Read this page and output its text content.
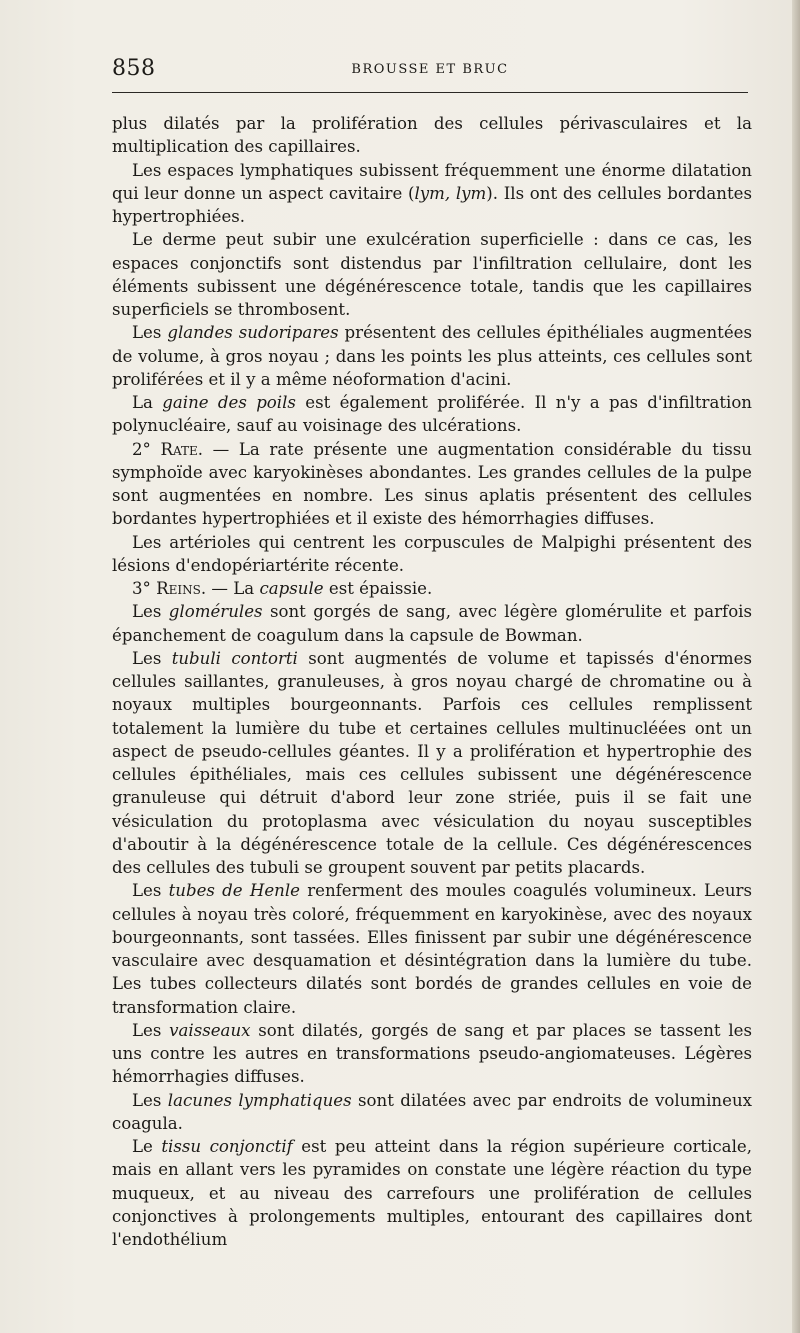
858	BROUSSE ET BRUC

plus dilatés par la prolifération des cellules périvasculaires et la multiplication des capillaires.

Les espaces lymphatiques subissent fréquemment une énorme dilatation qui leur donne un aspect cavitaire (lym, lym). Ils ont des cellules bordantes hypertrophiées.

Le derme peut subir une exulcération superficielle : dans ce cas, les espaces conjonctifs sont distendus par l'infiltration cellulaire, dont les éléments subissent une dégénérescence totale, tandis que les capillaires superficiels se thrombosent.

Les glandes sudoripares présentent des cellules épithéliales augmentées de volume, à gros noyau ; dans les points les plus atteints, ces cellules sont proliférées et il y a même néoformation d'acini.

La gaine des poils est également proliférée. Il n'y a pas d'infiltration polynucléaire, sauf au voisinage des ulcérations.

2° Rate. — La rate présente une augmentation considérable du tissu symphoïde avec karyokinèses abondantes. Les grandes cellules de la pulpe sont augmentées en nombre. Les sinus aplatis présentent des cellules bordantes hypertrophiées et il existe des hémorrhagies diffuses.

Les artérioles qui centrent les corpuscules de Malpighi présentent des lésions d'endopériartérite récente.

3° Reins. — La capsule est épaissie.

Les glomérules sont gorgés de sang, avec légère glomérulite et parfois épanchement de coagulum dans la capsule de Bowman.

Les tubuli contorti sont augmentés de volume et tapissés d'énormes cellules saillantes, granuleuses, à gros noyau chargé de chromatine ou à noyaux multiples bourgeonnants. Parfois ces cellules remplissent totalement la lumière du tube et certaines cellules multinucléées ont un aspect de pseudo-cellules géantes. Il y a prolifération et hypertrophie des cellules épithéliales, mais ces cellules subissent une dégénérescence granuleuse qui détruit d'abord leur zone striée, puis il se fait une vésiculation du protoplasma avec vésiculation du noyau susceptibles d'aboutir à la dégénérescence totale de la cellule. Ces dégénérescences des cellules des tubuli se groupent souvent par petits placards.

Les tubes de Henle renferment des moules coagulés volumineux. Leurs cellules à noyau très coloré, fréquemment en karyokinèse, avec des noyaux bourgeonnants, sont tassées. Elles finissent par subir une dégénérescence vasculaire avec desquamation et désintégration dans la lumière du tube. Les tubes collecteurs dilatés sont bordés de grandes cellules en voie de transformation claire.

Les vaisseaux sont dilatés, gorgés de sang et par places se tassent les uns contre les autres en transformations pseudo-angiomateuses. Légères hémorrhagies diffuses.

Les lacunes lymphatiques sont dilatées avec par endroits de volumineux coagula.

Le tissu conjonctif est peu atteint dans la région supérieure corticale, mais en allant vers les pyramides on constate une légère réaction du type muqueux, et au niveau des carrefours une prolifération de cellules conjonctives à prolongements multiples, entourant des capillaires dont l'endothélium
